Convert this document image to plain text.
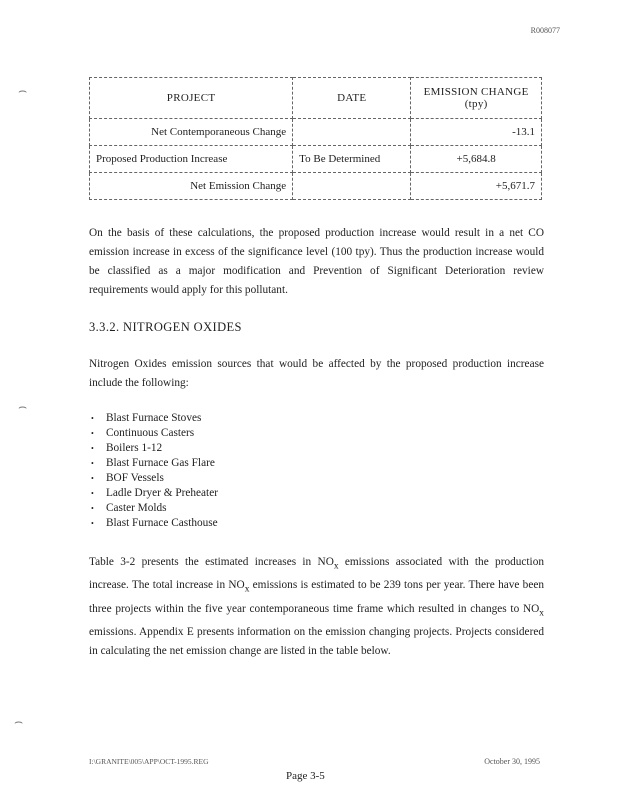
R008077
PROJECT	DATE	EMISSION CHANGE (tpy)
Net Contemporaneous Change		-13.1
Proposed Production Increase	To Be Determined	+5,684.8
Net Emission Change		+5,671.7

On the basis of these calculations, the proposed production increase would result in a net CO emission increase in excess of the significance level (100 tpy). Thus the production increase would be classified as a major modification and Prevention of Significant Deterioration review requirements would apply for this pollutant.

3.3.2. NITROGEN OXIDES

Nitrogen Oxides emission sources that would be affected by the proposed production increase include the following:

• Blast Furnace Stoves
• Continuous Casters
• Boilers 1-12
• Blast Furnace Gas Flare
• BOF Vessels
• Ladle Dryer & Preheater
• Caster Molds
• Blast Furnace Casthouse

Table 3-2 presents the estimated increases in $NO_x$ emissions associated with the production increase. The total increase in $NO_x$ emissions is estimated to be 239 tons per year. There have been three projects within the five year contemporaneous time frame which resulted in changes to $NO_x$ emissions. Appendix E presents information on the emission changing projects. Projects considered in calculating the net emission change are listed in the table below.

⌢
⌢
⌢
I:\GRANITE\005\APP\OCT-1995.REG	October 30, 1995
Page 3-5
